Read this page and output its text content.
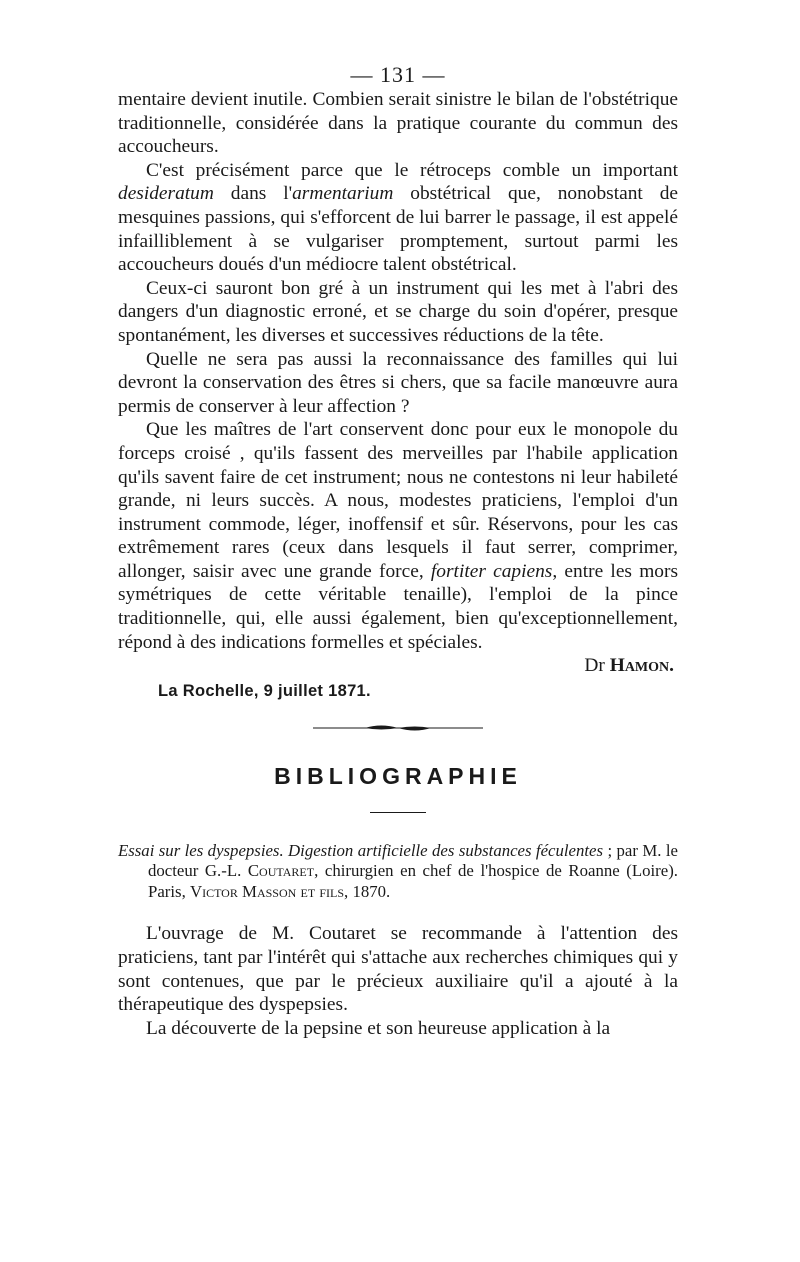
— 131 —

mentaire devient inutile. Combien serait sinistre le bilan de l'obstétrique traditionnelle, considérée dans la pratique courante du commun des accoucheurs.

C'est précisément parce que le rétroceps comble un important desideratum dans l'armentarium obstétrical que, nonobstant de mesquines passions, qui s'efforcent de lui barrer le passage, il est appelé infailliblement à se vulgariser promptement, surtout parmi les accoucheurs doués d'un médiocre talent obstétrical.

Ceux-ci sauront bon gré à un instrument qui les met à l'abri des dangers d'un diagnostic erroné, et se charge du soin d'opérer, presque spontanément, les diverses et successives réductions de la tête.

Quelle ne sera pas aussi la reconnaissance des familles qui lui devront la conservation des êtres si chers, que sa facile manœuvre aura permis de conserver à leur affection ?

Que les maîtres de l'art conservent donc pour eux le monopole du forceps croisé , qu'ils fassent des merveilles par l'habile application qu'ils savent faire de cet instrument; nous ne contestons ni leur habileté grande, ni leurs succès. A nous, modestes praticiens, l'emploi d'un instrument commode, léger, inoffensif et sûr. Réservons, pour les cas extrêmement rares (ceux dans lesquels il faut serrer, comprimer, allonger, saisir avec une grande force, fortiter capiens, entre les mors symétriques de cette véritable tenaille), l'emploi de la pince traditionnelle, qui, elle aussi également, bien qu'exceptionnellement, répond à des indications formelles et spéciales.

Dr Hamon.
La Rochelle, 9 juillet 1871.
BIBLIOGRAPHIE
Essai sur les dyspepsies. Digestion artificielle des substances féculentes ; par M. le docteur G.-L. Coutaret, chirurgien en chef de l'hospice de Roanne (Loire). Paris, Victor Masson et fils, 1870.

L'ouvrage de M. Coutaret se recommande à l'attention des praticiens, tant par l'intérêt qui s'attache aux recherches chimiques qui y sont contenues, que par le précieux auxiliaire qu'il a ajouté à la thérapeutique des dyspepsies.

La découverte de la pepsine et son heureuse application à la
